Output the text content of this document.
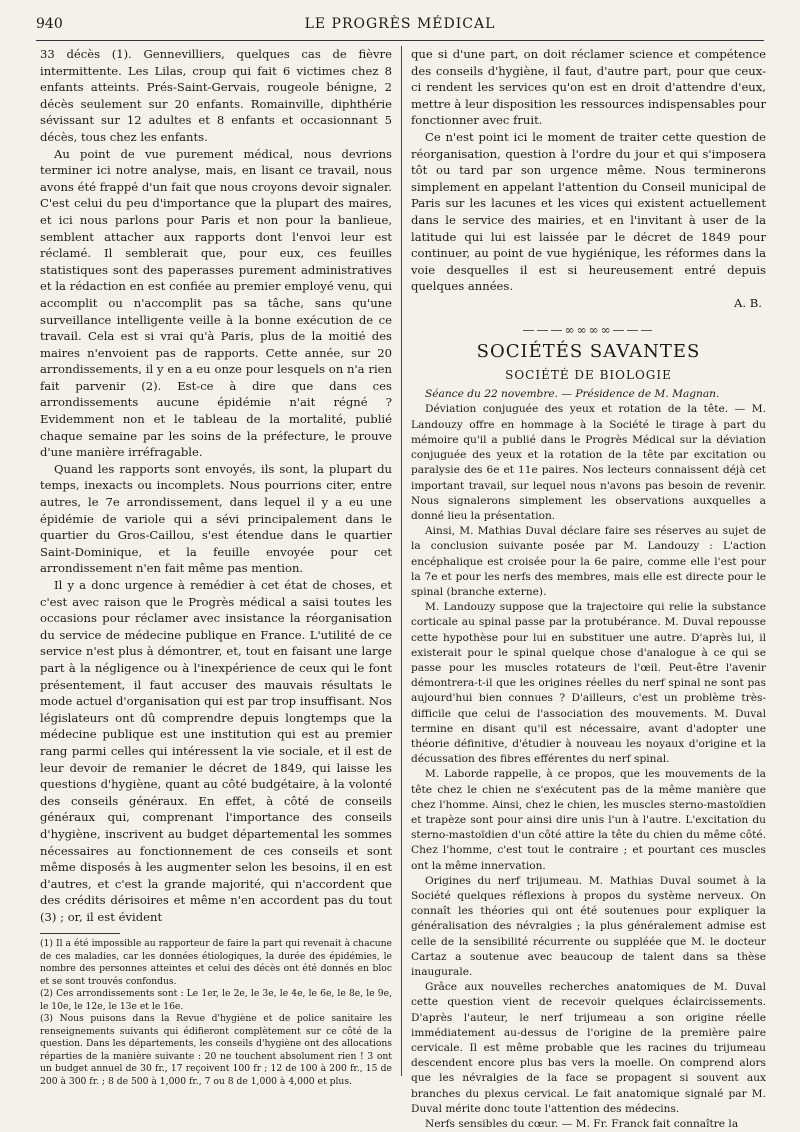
940	LE PROGRÈS MÉDICAL

33 décès (1). Gennevilliers, quelques cas de fièvre intermittente. Les Lilas, croup qui fait 6 victimes chez 8 enfants atteints. Prés-Saint-Gervais, rougeole bénigne, 2 décès seulement sur 20 enfants. Romainville, diphthérie sévissant sur 12 adultes et 8 enfants et occasionnant 5 décès, tous chez les enfants.

Au point de vue purement médical, nous devrions terminer ici notre analyse, mais, en lisant ce travail, nous avons été frappé d'un fait que nous croyons devoir signaler. C'est celui du peu d'importance que la plupart des maires, et ici nous parlons pour Paris et non pour la banlieue, semblent attacher aux rapports dont l'envoi leur est réclamé. Il semblerait que, pour eux, ces feuilles statistiques sont des paperasses purement administratives et la rédaction en est confiée au premier employé venu, qui accomplit ou n'accomplit pas sa tâche, sans qu'une surveillance intelligente veille à la bonne exécution de ce travail. Cela est si vrai qu'à Paris, plus de la moitié des maires n'envoient pas de rapports. Cette année, sur 20 arrondissements, il y en a eu onze pour lesquels on n'a rien fait parvenir (2). Est-ce à dire que dans ces arrondissements aucune épidémie n'ait régné ? Evidemment non et le tableau de la mortalité, publié chaque semaine par les soins de la préfecture, le prouve d'une manière irréfragable.

Quand les rapports sont envoyés, ils sont, la plupart du temps, inexacts ou incomplets. Nous pourrions citer, entre autres, le 7e arrondissement, dans lequel il y a eu une épidémie de variole qui a sévi principalement dans le quartier du Gros-Caillou, s'est étendue dans le quartier Saint-Dominique, et la feuille envoyée pour cet arrondissement n'en fait même pas mention.

Il y a donc urgence à remédier à cet état de choses, et c'est avec raison que le Progrès médical a saisi toutes les occasions pour réclamer avec insistance la réorganisation du service de médecine publique en France. L'utilité de ce service n'est plus à démontrer, et, tout en faisant une large part à la négligence ou à l'inexpérience de ceux qui le font présentement, il faut accuser des mauvais résultats le mode actuel d'organisation qui est par trop insuffisant. Nos législateurs ont dû comprendre depuis longtemps que la médecine publique est une institution qui est au premier rang parmi celles qui intéressent la vie sociale, et il est de leur devoir de remanier le décret de 1849, qui laisse les questions d'hygiène, quant au côté budgétaire, à la volonté des conseils généraux. En effet, à côté de conseils généraux qui, comprenant l'importance des conseils d'hygiène, inscrivent au budget départemental les sommes nécessaires au fonctionnement de ces conseils et sont même disposés à les augmenter selon les besoins, il en est d'autres, et c'est la grande majorité, qui n'accordent que des crédits dérisoires et même n'en accordent pas du tout (3) ; or, il est évident

(1) Il a été impossible au rapporteur de faire la part qui revenait à chacune de ces maladies, car les données étiologiques, la durée des épidémies, le nombre des personnes atteintes et celui des décès ont été donnés en bloc et se sont trouvés confondus.

(2) Ces arrondissements sont : Le 1er, le 2e, le 3e, le 4e, le 6e, le 8e, le 9e, le 10e, le 12e, le 13e et le 16e.

(3) Nous puisons dans la Revue d'hygiène et de police sanitaire les renseignements suivants qui édifieront complètement sur ce côté de la question. Dans les départements, les conseils d'hygiène ont des allocations réparties de la manière suivante : 20 ne touchent absolument rien ! 3 ont un budget annuel de 30 fr., 17 reçoivent 100 fr ; 12 de 100 à 200 fr., 15 de 200 à 300 fr. ; 8 de 500 à 1,000 fr., 7 ou 8 de 1,000 à 4,000 et plus.

que si d'une part, on doit réclamer science et compétence des conseils d'hygiène, il faut, d'autre part, pour que ceux-ci rendent les services qu'on est en droit d'attendre d'eux, mettre à leur disposition les ressources indispensables pour fonctionner avec fruit.

Ce n'est point ici le moment de traiter cette question de réorganisation, question à l'ordre du jour et qui s'imposera tôt ou tard par son urgence même. Nous terminerons simplement en appelant l'attention du Conseil municipal de Paris sur les lacunes et les vices qui existent actuellement dans le service des mairies, et en l'invitant à user de la latitude qui lui est laissée par le décret de 1849 pour continuer, au point de vue hygiénique, les réformes dans la voie desquelles il est si heureusement entré depuis quelques années.

A. B.

———∞∞∞∞———
SOCIÉTÉS SAVANTES
SOCIÉTÉ DE BIOLOGIE

Séance du 22 novembre. — Présidence de M. Magnan.

Déviation conjuguée des yeux et rotation de la tête. — M. Landouzy offre en hommage à la Société le tirage à part du mémoire qu'il a publié dans le Progrès Médical sur la déviation conjuguée des yeux et la rotation de la tête par excitation ou paralysie des 6e et 11e paires. Nos lecteurs connaissent déjà cet important travail, sur lequel nous n'avons pas besoin de revenir. Nous signalerons simplement les observations auxquelles a donné lieu la présentation.

Ainsi, M. Mathias Duval déclare faire ses réserves au sujet de la conclusion suivante posée par M. Landouzy : L'action encéphalique est croisée pour la 6e paire, comme elle l'est pour la 7e et pour les nerfs des membres, mais elle est directe pour le spinal (branche externe).

M. Landouzy suppose que la trajectoire qui relie la substance corticale au spinal passe par la protubérance. M. Duval repousse cette hypothèse pour lui en substituer une autre. D'après lui, il existerait pour le spinal quelque chose d'analogue à ce qui se passe pour les muscles rotateurs de l'œil. Peut-être l'avenir démontrera-t-il que les origines réelles du nerf spinal ne sont pas aujourd'hui bien connues ? D'ailleurs, c'est un problème très-difficile que celui de l'association des mouvements. M. Duval termine en disant qu'il est nécessaire, avant d'adopter une théorie définitive, d'étudier à nouveau les noyaux d'origine et la décussation des fibres efférentes du nerf spinal.

M. Laborde rappelle, à ce propos, que les mouvements de la tête chez le chien ne s'exécutent pas de la même manière que chez l'homme. Ainsi, chez le chien, les muscles sterno-mastoïdien et trapèze sont pour ainsi dire unis l'un à l'autre. L'excitation du sterno-mastoïdien d'un côté attire la tête du chien du même côté. Chez l'homme, c'est tout le contraire ; et pourtant ces muscles ont la même innervation.

Origines du nerf trijumeau. M. Mathias Duval soumet à la Société quelques réflexions à propos du système nerveux. On connaît les théories qui ont été soutenues pour expliquer la généralisation des névralgies ; la plus généralement admise est celle de la sensibilité récurrente ou suppléée que M. le docteur Cartaz a soutenue avec beaucoup de talent dans sa thèse inaugurale.

Grâce aux nouvelles recherches anatomiques de M. Duval cette question vient de recevoir quelques éclaircissements. D'après l'auteur, le nerf trijumeau a son origine réelle immédiatement au-dessus de l'origine de la première paire cervicale. Il est même probable que les racines du trijumeau descendent encore plus bas vers la moelle. On comprend alors que les névralgies de la face se propagent si souvent aux branches du plexus cervical. Le fait anatomique signalé par M. Duval mérite donc toute l'attention des médecins.

Nerfs sensibles du cœur. — M. Fr. Franck fait connaître la
